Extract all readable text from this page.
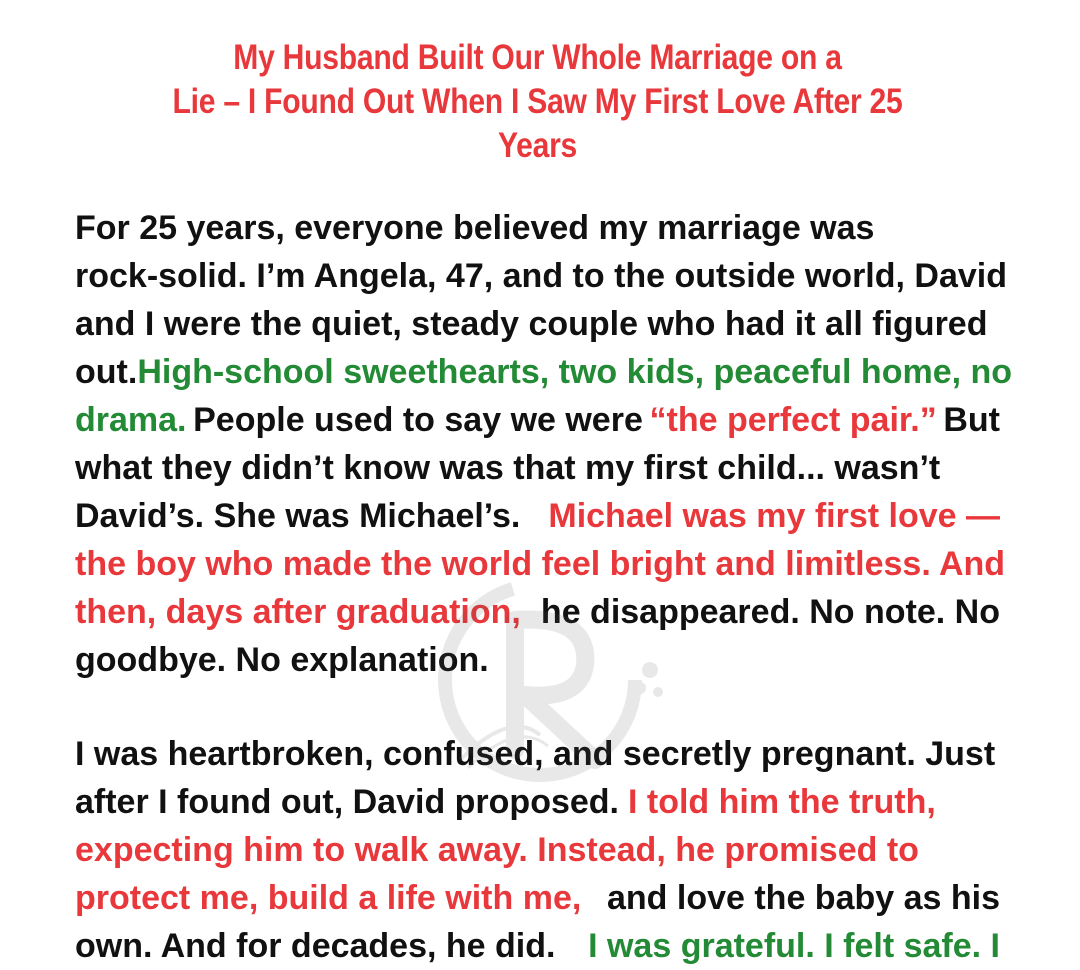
My Husband Built Our Whole Marriage on a
Lie – I Found Out When I Saw My First Love After 25
Years
For 25 years, everyone believed my marriage was
rock-solid. I’m Angela, 47, and to the outside world, David
and I were the quiet, steady couple who had it all figured
out. High-school sweethearts, two kids, peaceful home, no
drama. People used to say we were “the perfect pair.” But
what they didn’t know was that my first child... wasn’t
David’s. She was Michael’s. Michael was my first love —
the boy who made the world feel bright and limitless. And
then, days after graduation, he disappeared. No note. No
goodbye. No explanation.
I was heartbroken, confused, and secretly pregnant. Just
after I found out, David proposed. I told him the truth,
expecting him to walk away. Instead, he promised to
protect me, build a life with me, and love the baby as his
own. And for decades, he did. I was grateful. I felt safe. I
